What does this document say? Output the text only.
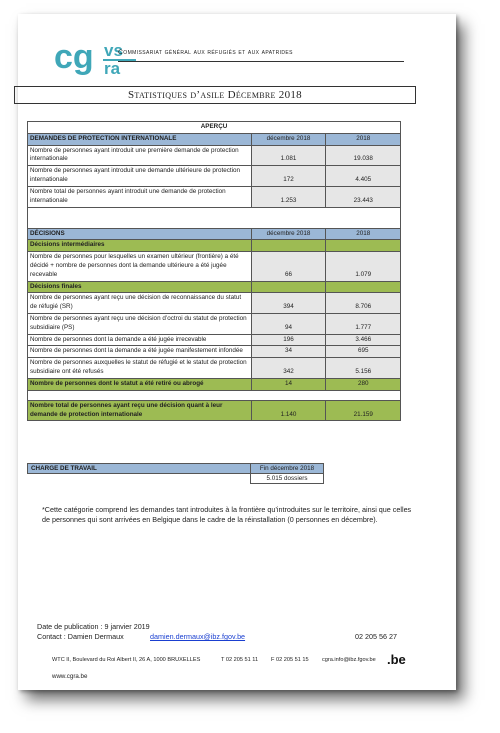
cg vs
ra
Commissariat général aux réfugiés et aux apatrides
Statistiques d’asile Décembre 2018
APERÇU		
DEMANDES DE PROTECTION INTERNATIONALE	décembre 2018	2018
Nombre de personnes ayant introduit une première demande de protection internationale	1.081	19.038
Nombre de personnes ayant introduit une demande ultérieure de protection internationale	172	4.405
Nombre total de personnes ayant introduit une demande de protection internationale	1.253	23.443

DÉCISIONS	décembre 2018	2018
Décisions intermédiaires		
Nombre de personnes pour lesquelles un examen ultérieur (frontière) a été décidé + nombre de personnes dont la demande ultérieure a été jugée recevable	66	1.079
Décisions finales		
Nombre de personnes ayant reçu une décision de reconnaissance du statut de réfugié (SR)	394	8.706
Nombre de personnes ayant reçu une décision d’octroi du statut de protection subsidiaire (PS)	94	1.777
Nombre de personnes dont la demande a été jugée irrecevable	196	3.466
Nombre de personnes dont la demande a été jugée manifestement infondée	34	695
Nombre de personnes auxquelles le statut de réfugié et le statut de protection subsidiaire ont été refusés	342	5.156
Nombre de personnes dont le statut a été retiré ou abrogé	14	280

Nombre total de personnes ayant reçu une décision quant à leur demande de protection internationale	1.140	21.159
CHARGE DE TRAVAIL	Fin décembre 2018
	5.015 dossiers
*Cette catégorie comprend les demandes tant introduites à la frontière qu’introduites sur le territoire, ainsi que celles de personnes qui sont arrivées en Belgique dans le cadre de la réinstallation (0 personnes en décembre).
Date de publication : 9 janvier 2019
Contact : Damien Dermaux	damien.dermaux@ibz.fgov.be	02 205 56 27
WTC II, Boulevard du Roi Albert II, 26 A, 1000 BRUXELLES	T 02 205 51 11 F 02 205 51 15 cgra.info@ibz.fgov.be .be
www.cgra.be
